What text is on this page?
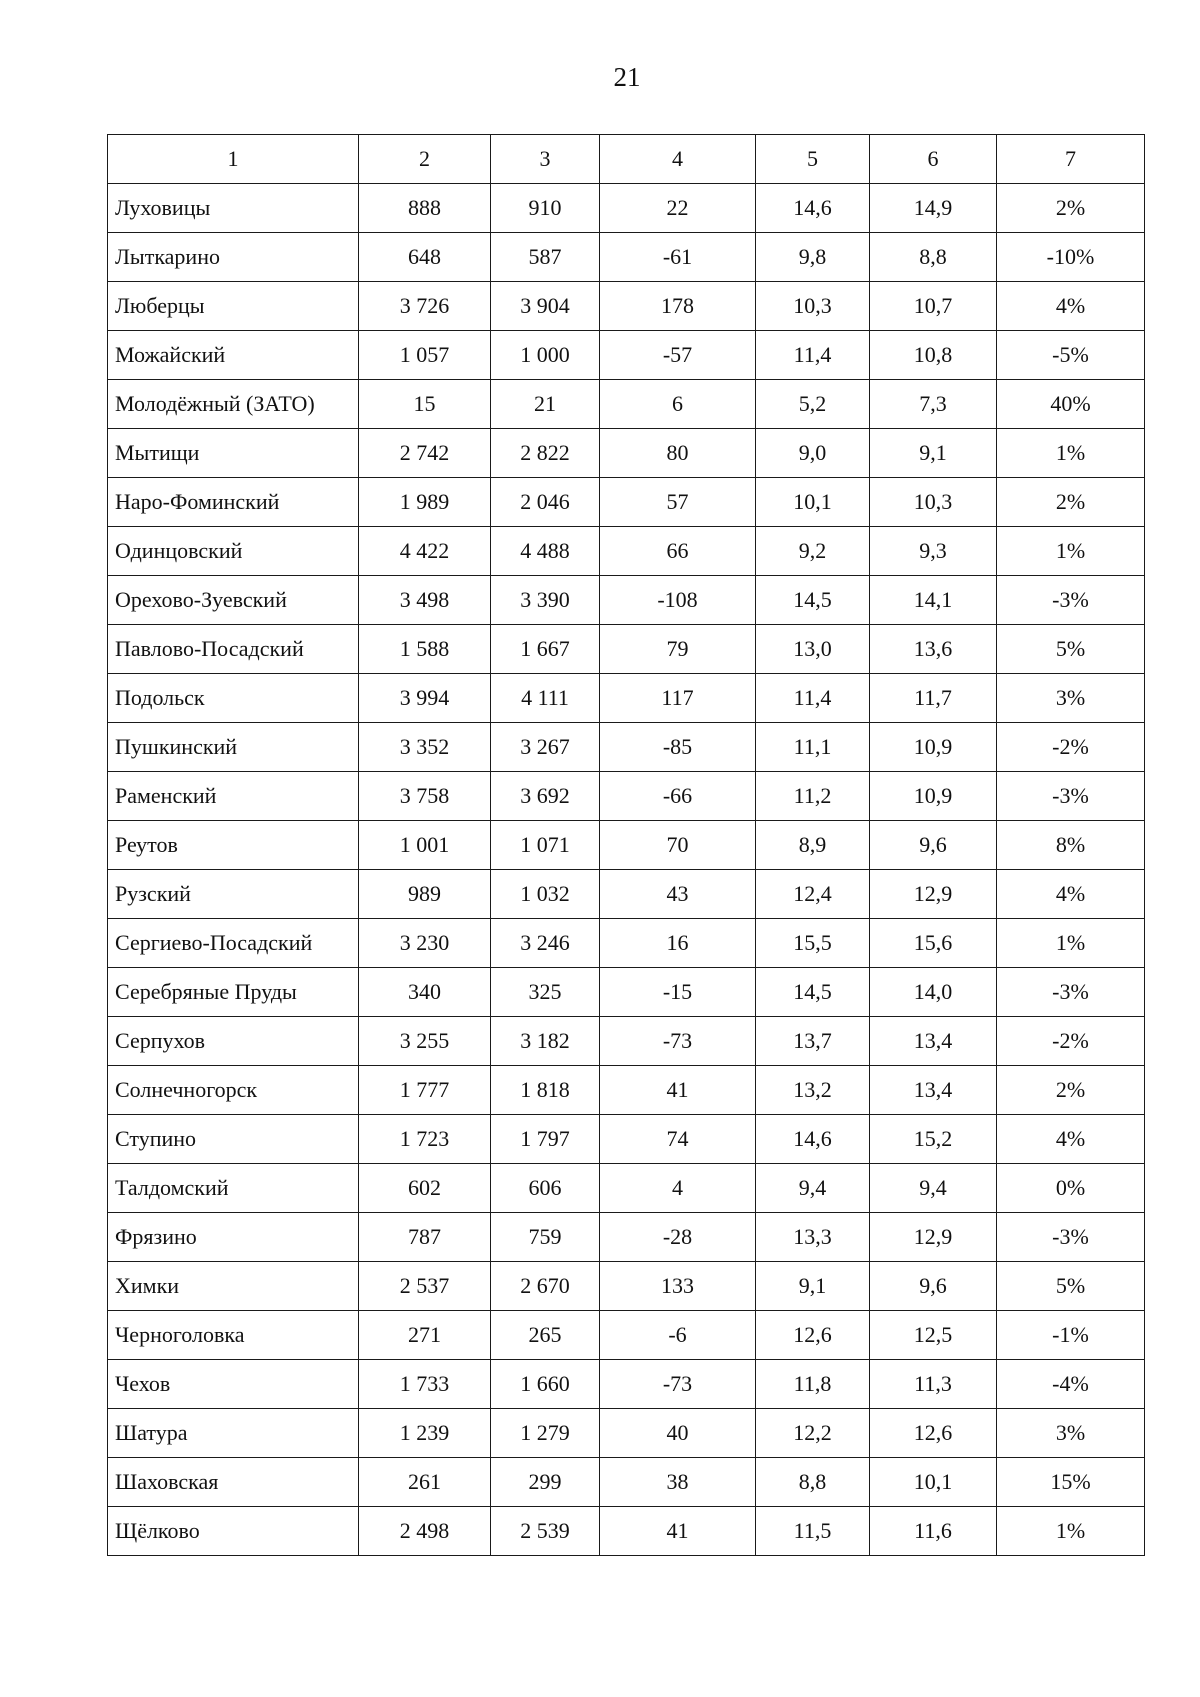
21
1	2	3	4	5	6	7
Луховицы	888	910	22	14,6	14,9	2%
Лыткарино	648	587	-61	9,8	8,8	-10%
Люберцы	3 726	3 904	178	10,3	10,7	4%
Можайский	1 057	1 000	-57	11,4	10,8	-5%
Молодёжный (ЗАТО)	15	21	6	5,2	7,3	40%
Мытищи	2 742	2 822	80	9,0	9,1	1%
Наро-Фоминский	1 989	2 046	57	10,1	10,3	2%
Одинцовский	4 422	4 488	66	9,2	9,3	1%
Орехово-Зуевский	3 498	3 390	-108	14,5	14,1	-3%
Павлово-Посадский	1 588	1 667	79	13,0	13,6	5%
Подольск	3 994	4 111	117	11,4	11,7	3%
Пушкинский	3 352	3 267	-85	11,1	10,9	-2%
Раменский	3 758	3 692	-66	11,2	10,9	-3%
Реутов	1 001	1 071	70	8,9	9,6	8%
Рузский	989	1 032	43	12,4	12,9	4%
Сергиево-Посадский	3 230	3 246	16	15,5	15,6	1%
Серебряные Пруды	340	325	-15	14,5	14,0	-3%
Серпухов	3 255	3 182	-73	13,7	13,4	-2%
Солнечногорск	1 777	1 818	41	13,2	13,4	2%
Ступино	1 723	1 797	74	14,6	15,2	4%
Талдомский	602	606	4	9,4	9,4	0%
Фрязино	787	759	-28	13,3	12,9	-3%
Химки	2 537	2 670	133	9,1	9,6	5%
Черноголовка	271	265	-6	12,6	12,5	-1%
Чехов	1 733	1 660	-73	11,8	11,3	-4%
Шатура	1 239	1 279	40	12,2	12,6	3%
Шаховская	261	299	38	8,8	10,1	15%
Щёлково	2 498	2 539	41	11,5	11,6	1%
